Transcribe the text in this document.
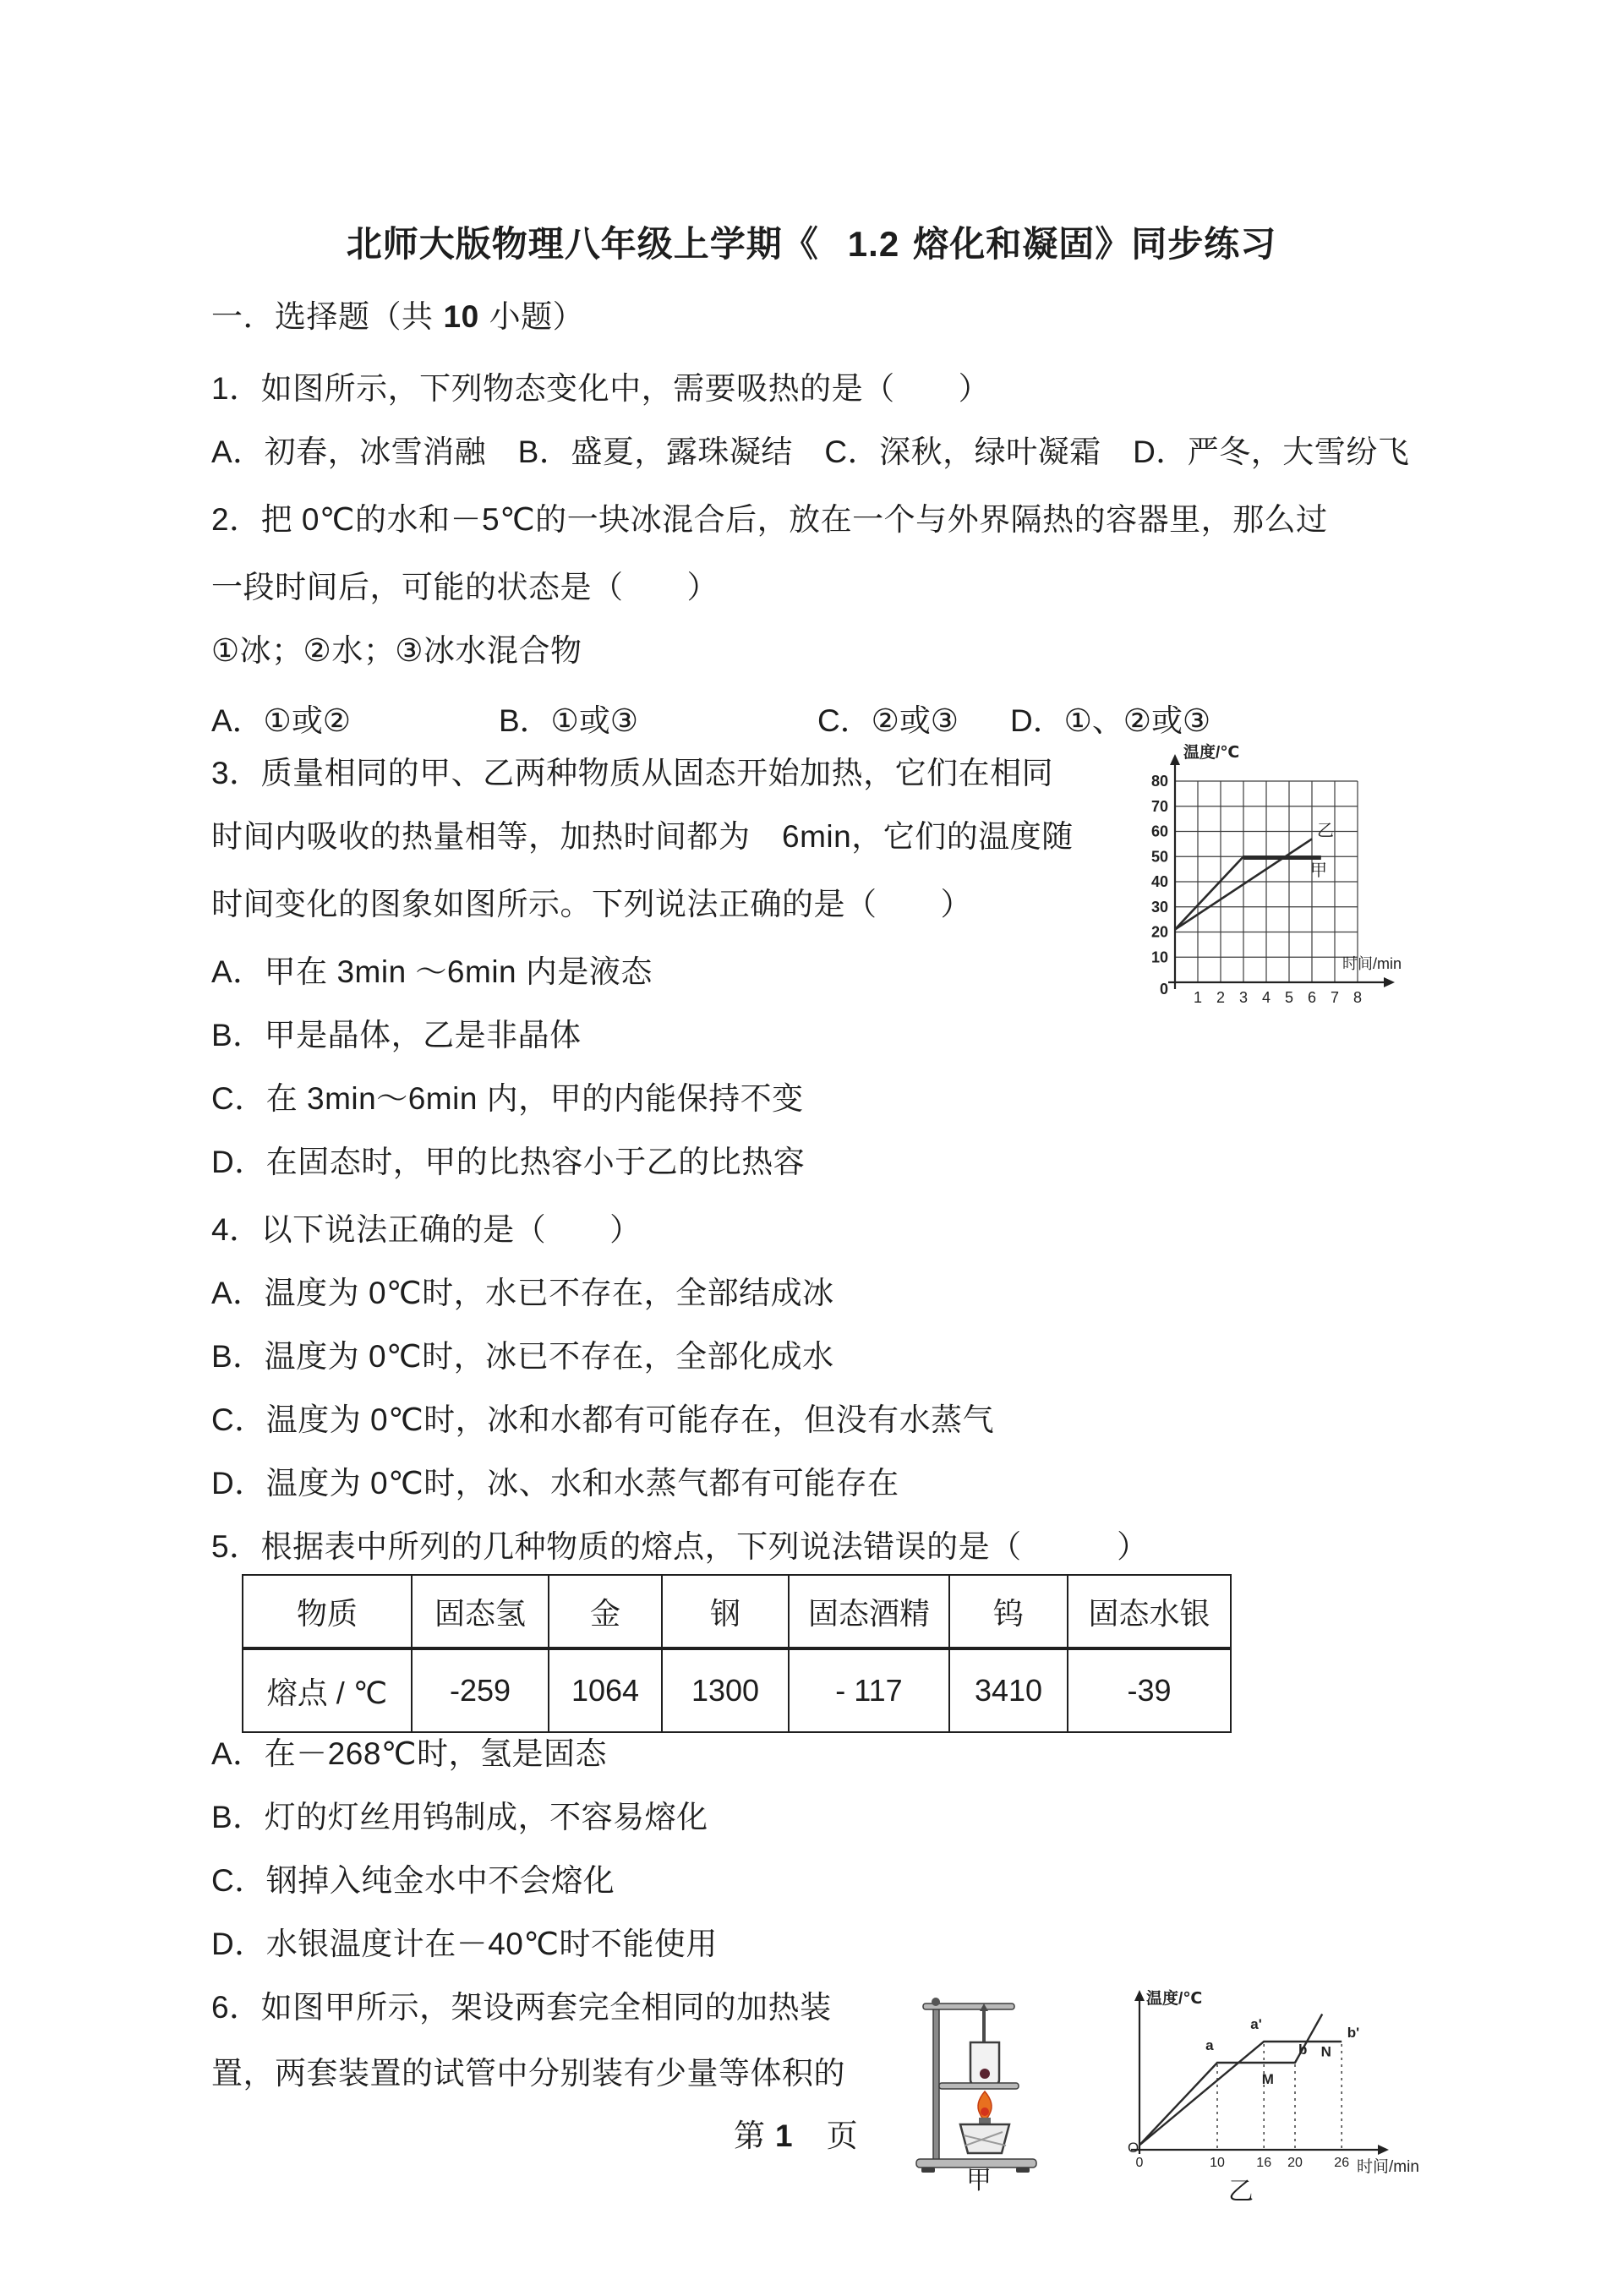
北师大版物理八年级上学期《 1.2 熔化和凝固》同步练习
一．选择题（共 10 小题）
1．如图所示，下列物态变化中，需要吸热的是（　　）
A．初春，冰雪消融　B．盛夏，露珠凝结　C．深秋，绿叶凝霜　D．严冬，大雪纷飞
2．把 0℃的水和－5℃的一块冰混合后，放在一个与外界隔热的容器里，那么过
一段时间后，可能的状态是（　　）
①冰；②水；③冰水混合物
A．①或②	B．①或③	C．②或③ D．①、②或③
3．质量相同的甲、乙两种物质从固态开始加热，它们在相同
时间内吸收的热量相等，加热时间都为　6min，它们的温度随
时间变化的图象如图所示。下列说法正确的是（　　）
1 2 3 4 5 6 7 8
0
10
20
30
40
50
60
70
80
温度/℃
时间/min
乙
甲
A．甲在 3min ～6min 内是液态
B．甲是晶体，乙是非晶体
C．在 3min～6min 内，甲的内能保持不变
D．在固态时，甲的比热容小于乙的比热容
4．以下说法正确的是（　　）
A．温度为 0℃时，水已不存在，全部结成冰
B．温度为 0℃时，冰已不存在，全部化成水
C．温度为 0℃时，冰和水都有可能存在，但没有水蒸气
D．温度为 0℃时，冰、水和水蒸气都有可能存在
5．根据表中所列的几种物质的熔点，下列说法错误的是（　　　）
物质	固态氢	金	钢	固态酒精	钨	固态水银
熔点 / ℃	-259	1064	1300	- 117	3410	-39
A．在－268℃时，氢是固态
B．灯的灯丝用钨制成，不容易熔化
C．钢掉入纯金水中不会熔化
D．水银温度计在－40℃时不能使用
6．如图甲所示，架设两套完全相同的加热装
置，两套装置的试管中分别装有少量等体积的
甲
温度/℃
时间/min
O
0	10 16 20 26
a	b
M
a'
b'
N
乙
第 1 页
